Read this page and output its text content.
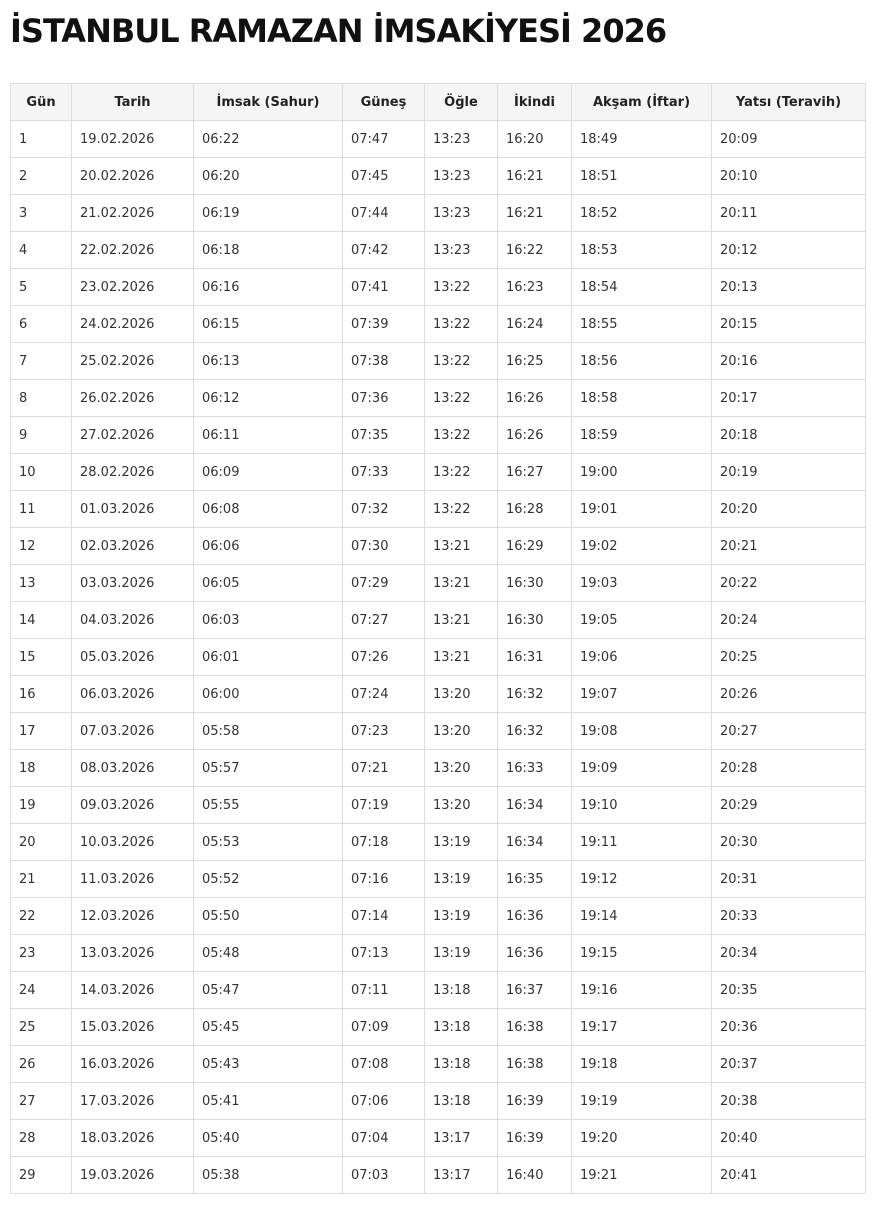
İSTANBUL RAMAZAN İMSAKİYESİ 2026
Gün	Tarih	İmsak (Sahur)	Güneş	Öğle	İkindi	Akşam (İftar)	Yatsı (Teravih)
1	19.02.2026	06:22	07:47	13:23	16:20	18:49	20:09
2	20.02.2026	06:20	07:45	13:23	16:21	18:51	20:10
3	21.02.2026	06:19	07:44	13:23	16:21	18:52	20:11
4	22.02.2026	06:18	07:42	13:23	16:22	18:53	20:12
5	23.02.2026	06:16	07:41	13:22	16:23	18:54	20:13
6	24.02.2026	06:15	07:39	13:22	16:24	18:55	20:15
7	25.02.2026	06:13	07:38	13:22	16:25	18:56	20:16
8	26.02.2026	06:12	07:36	13:22	16:26	18:58	20:17
9	27.02.2026	06:11	07:35	13:22	16:26	18:59	20:18
10	28.02.2026	06:09	07:33	13:22	16:27	19:00	20:19
11	01.03.2026	06:08	07:32	13:22	16:28	19:01	20:20
12	02.03.2026	06:06	07:30	13:21	16:29	19:02	20:21
13	03.03.2026	06:05	07:29	13:21	16:30	19:03	20:22
14	04.03.2026	06:03	07:27	13:21	16:30	19:05	20:24
15	05.03.2026	06:01	07:26	13:21	16:31	19:06	20:25
16	06.03.2026	06:00	07:24	13:20	16:32	19:07	20:26
17	07.03.2026	05:58	07:23	13:20	16:32	19:08	20:27
18	08.03.2026	05:57	07:21	13:20	16:33	19:09	20:28
19	09.03.2026	05:55	07:19	13:20	16:34	19:10	20:29
20	10.03.2026	05:53	07:18	13:19	16:34	19:11	20:30
21	11.03.2026	05:52	07:16	13:19	16:35	19:12	20:31
22	12.03.2026	05:50	07:14	13:19	16:36	19:14	20:33
23	13.03.2026	05:48	07:13	13:19	16:36	19:15	20:34
24	14.03.2026	05:47	07:11	13:18	16:37	19:16	20:35
25	15.03.2026	05:45	07:09	13:18	16:38	19:17	20:36
26	16.03.2026	05:43	07:08	13:18	16:38	19:18	20:37
27	17.03.2026	05:41	07:06	13:18	16:39	19:19	20:38
28	18.03.2026	05:40	07:04	13:17	16:39	19:20	20:40
29	19.03.2026	05:38	07:03	13:17	16:40	19:21	20:41
